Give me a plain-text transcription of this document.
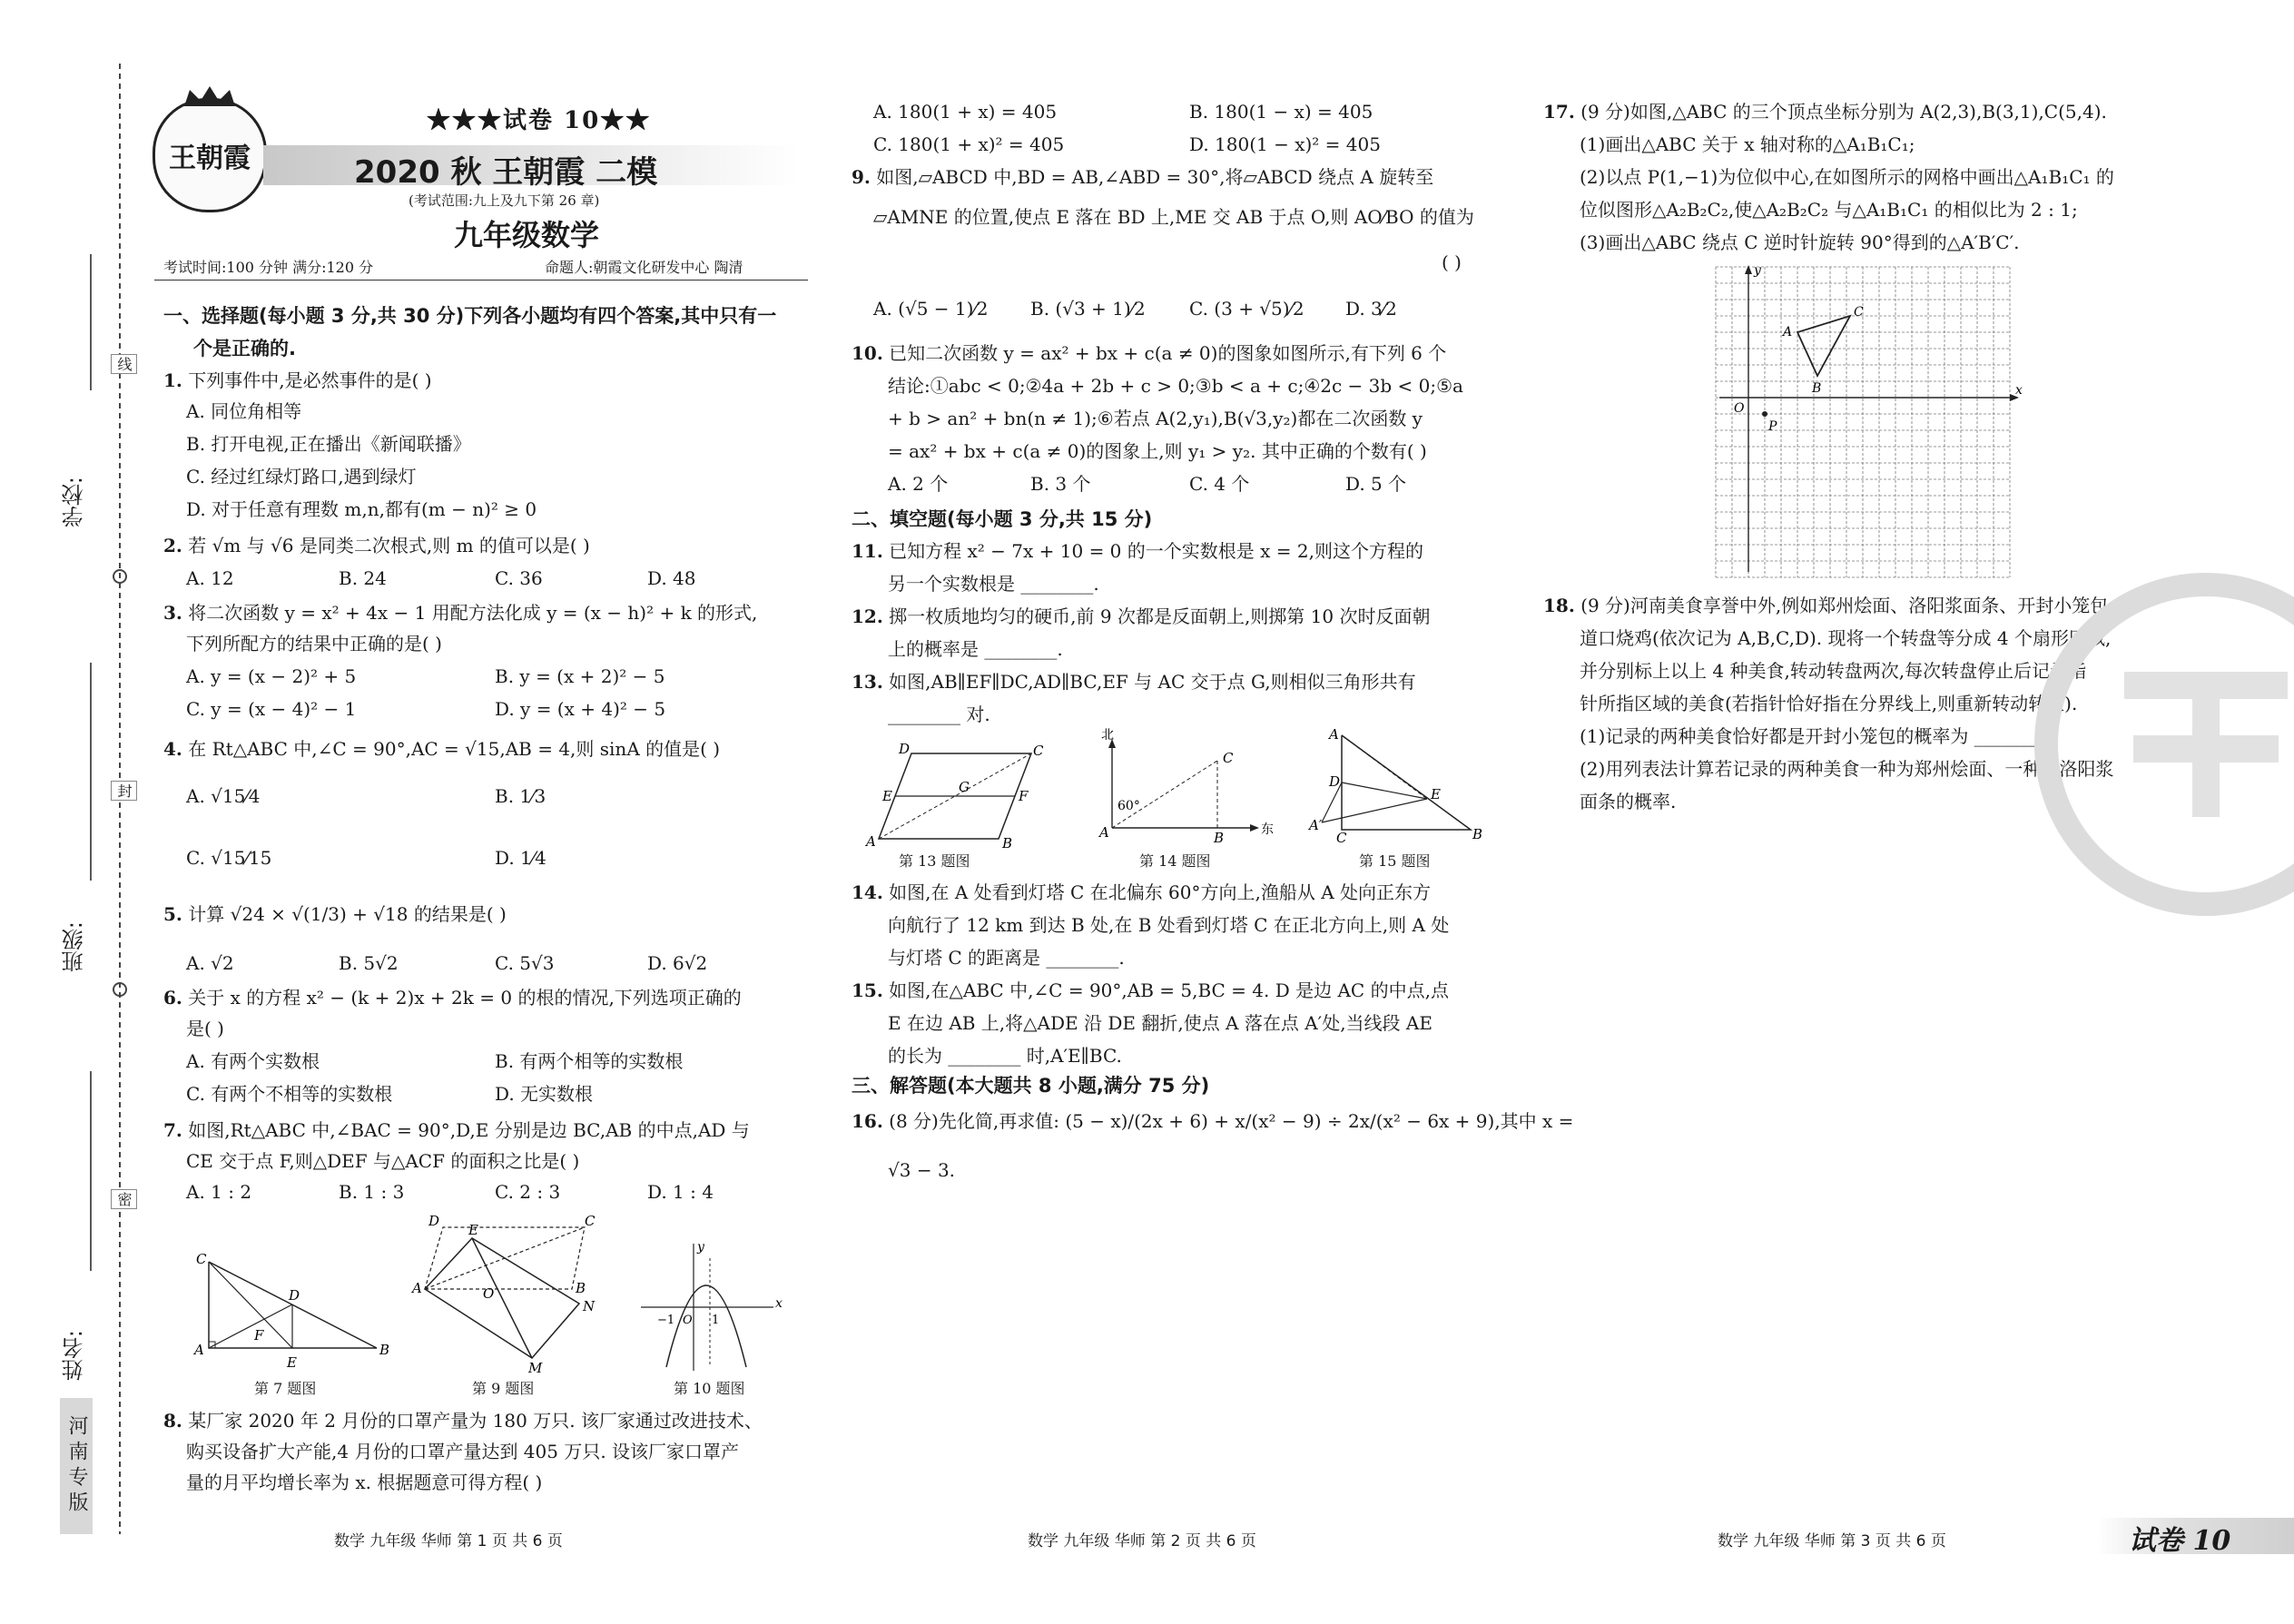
学校:
班级:
姓名:
线
封
密
河南专版
王朝霞
★★★试卷 10★★
2020 秋 王朝霞 二模
(考试范围:九上及九下第 26 章)
九年级数学
考试时间:100 分钟 满分:120 分	命题人:朝霞文化研发中心 陶清
一、选择题(每小题 3 分,共 30 分)下列各小题均有四个答案,其中只有一
个是正确的.
1. 下列事件中,是必然事件的是( )
A. 同位角相等
B. 打开电视,正在播出《新闻联播》
C. 经过红绿灯路口,遇到绿灯
D. 对于任意有理数 m,n,都有(m − n)² ≥ 0
2. 若 √m 与 √6 是同类二次根式,则 m 的值可以是( )
A. 12	B. 24	C. 36	D. 48
3. 将二次函数 y = x² + 4x − 1 用配方法化成 y = (x − h)² + k 的形式,
下列所配方的结果中正确的是( )
A. y = (x − 2)² + 5	B. y = (x + 2)² − 5
C. y = (x − 4)² − 1	D. y = (x + 4)² − 5
4. 在 Rt△ABC 中,∠C = 90°,AC = √15,AB = 4,则 sinA 的值是( )
A. √15⁄4	B. 1⁄3
C. √15⁄15	D. 1⁄4
5. 计算 √24 × √(1/3) + √18 的结果是( )
A. √2	B. 5√2	C. 5√3	D. 6√2
6. 关于 x 的方程 x² − (k + 2)x + 2k = 0 的根的情况,下列选项正确的
是( )
A. 有两个实数根	B. 有两个相等的实数根
C. 有两个不相等的实数根	D. 无实数根
7. 如图,Rt△ABC 中,∠BAC = 90°,D,E 分别是边 BC,AB 的中点,AD 与
CE 交于点 F,则△DEF 与△ACF 的面积之比是( )
A. 1 : 2	B. 1 : 3	C. 2 : 3	D. 1 : 4
C
A	B
D
E
F
第 7 题图
A	B
C
D
E
N
M
O
第 9 题图
x
y
−1 O 1
第 10 题图
8. 某厂家 2020 年 2 月份的口罩产量为 180 万只. 该厂家通过改进技术、
购买设备扩大产能,4 月份的口罩产量达到 405 万只. 设该厂家口罩产
量的月平均增长率为 x. 根据题意可得方程( )
数学 九年级 华师 第 1 页 共 6 页
A. 180(1 + x) = 405	B. 180(1 − x) = 405
C. 180(1 + x)² = 405	D. 180(1 − x)² = 405
9. 如图,▱ABCD 中,BD = AB,∠ABD = 30°,将▱ABCD 绕点 A 旋转至
▱AMNE 的位置,使点 E 落在 BD 上,ME 交 AB 于点 O,则 AO⁄BO 的值为
( )
A. (√5 − 1)⁄2 B. (√3 + 1)⁄2 C. (3 + √5)⁄2 D. 3⁄2
10. 已知二次函数 y = ax² + bx + c(a ≠ 0)的图象如图所示,有下列 6 个
结论:①abc < 0;②4a + 2b + c > 0;③b < a + c;④2c − 3b < 0;⑤a
+ b > an² + bn(n ≠ 1);⑥若点 A(2,y₁),B(√3,y₂)都在二次函数 y
= ax² + bx + c(a ≠ 0)的图象上,则 y₁ > y₂. 其中正确的个数有( )
A. 2 个	B. 3 个	C. 4 个	D. 5 个
二、填空题(每小题 3 分,共 15 分)
11. 已知方程 x² − 7x + 10 = 0 的一个实数根是 x = 2,则这个方程的
另一个实数根是 ________.
12. 掷一枚质地均匀的硬币,前 9 次都是反面朝上,则掷第 10 次时反面朝
上的概率是 ________.
13. 如图,AB∥EF∥DC,AD∥BC,EF 与 AC 交于点 G,则相似三角形共有
________ 对.
A	B
C
D
E	F
G
第 13 题图
北
东
60°
A	B
C
第 14 题图
A
D
E
A′
C	B
第 15 题图
14. 如图,在 A 处看到灯塔 C 在北偏东 60°方向上,渔船从 A 处向正东方
向航行了 12 km 到达 B 处,在 B 处看到灯塔 C 在正北方向上,则 A 处
与灯塔 C 的距离是 ________.
15. 如图,在△ABC 中,∠C = 90°,AB = 5,BC = 4. D 是边 AC 的中点,点
E 在边 AB 上,将△ADE 沿 DE 翻折,使点 A 落在点 A′处,当线段 AE
的长为 ________ 时,A′E∥BC.
三、解答题(本大题共 8 小题,满分 75 分)
16. (8 分)先化简,再求值: (5 − x)/(2x + 6) + x/(x² − 9) ÷ 2x/(x² − 6x + 9),其中 x =
√3 − 3.
数学 九年级 华师 第 2 页 共 6 页
17. (9 分)如图,△ABC 的三个顶点坐标分别为 A(2,3),B(3,1),C(5,4).
(1)画出△ABC 关于 x 轴对称的△A₁B₁C₁;
(2)以点 P(1,−1)为位似中心,在如图所示的网格中画出△A₁B₁C₁ 的
位似图形△A₂B₂C₂,使△A₂B₂C₂ 与△A₁B₁C₁ 的相似比为 2 : 1;
(3)画出△ABC 绕点 C 逆时针旋转 90°得到的△A′B′C′.
y
x
O
A
B
C
P
18. (9 分)河南美食享誉中外,例如郑州烩面、洛阳浆面条、开封小笼包、
道口烧鸡(依次记为 A,B,C,D). 现将一个转盘等分成 4 个扇形区域,
并分别标上以上 4 种美食,转动转盘两次,每次转盘停止后记录指
针所指区域的美食(若指针恰好指在分界线上,则重新转动转盘).
(1)记录的两种美食恰好都是开封小笼包的概率为 ________;
(2)用列表法计算若记录的两种美食一种为郑州烩面、一种为洛阳浆
面条的概率.
数学 九年级 华师 第 3 页 共 6 页	试卷 10
